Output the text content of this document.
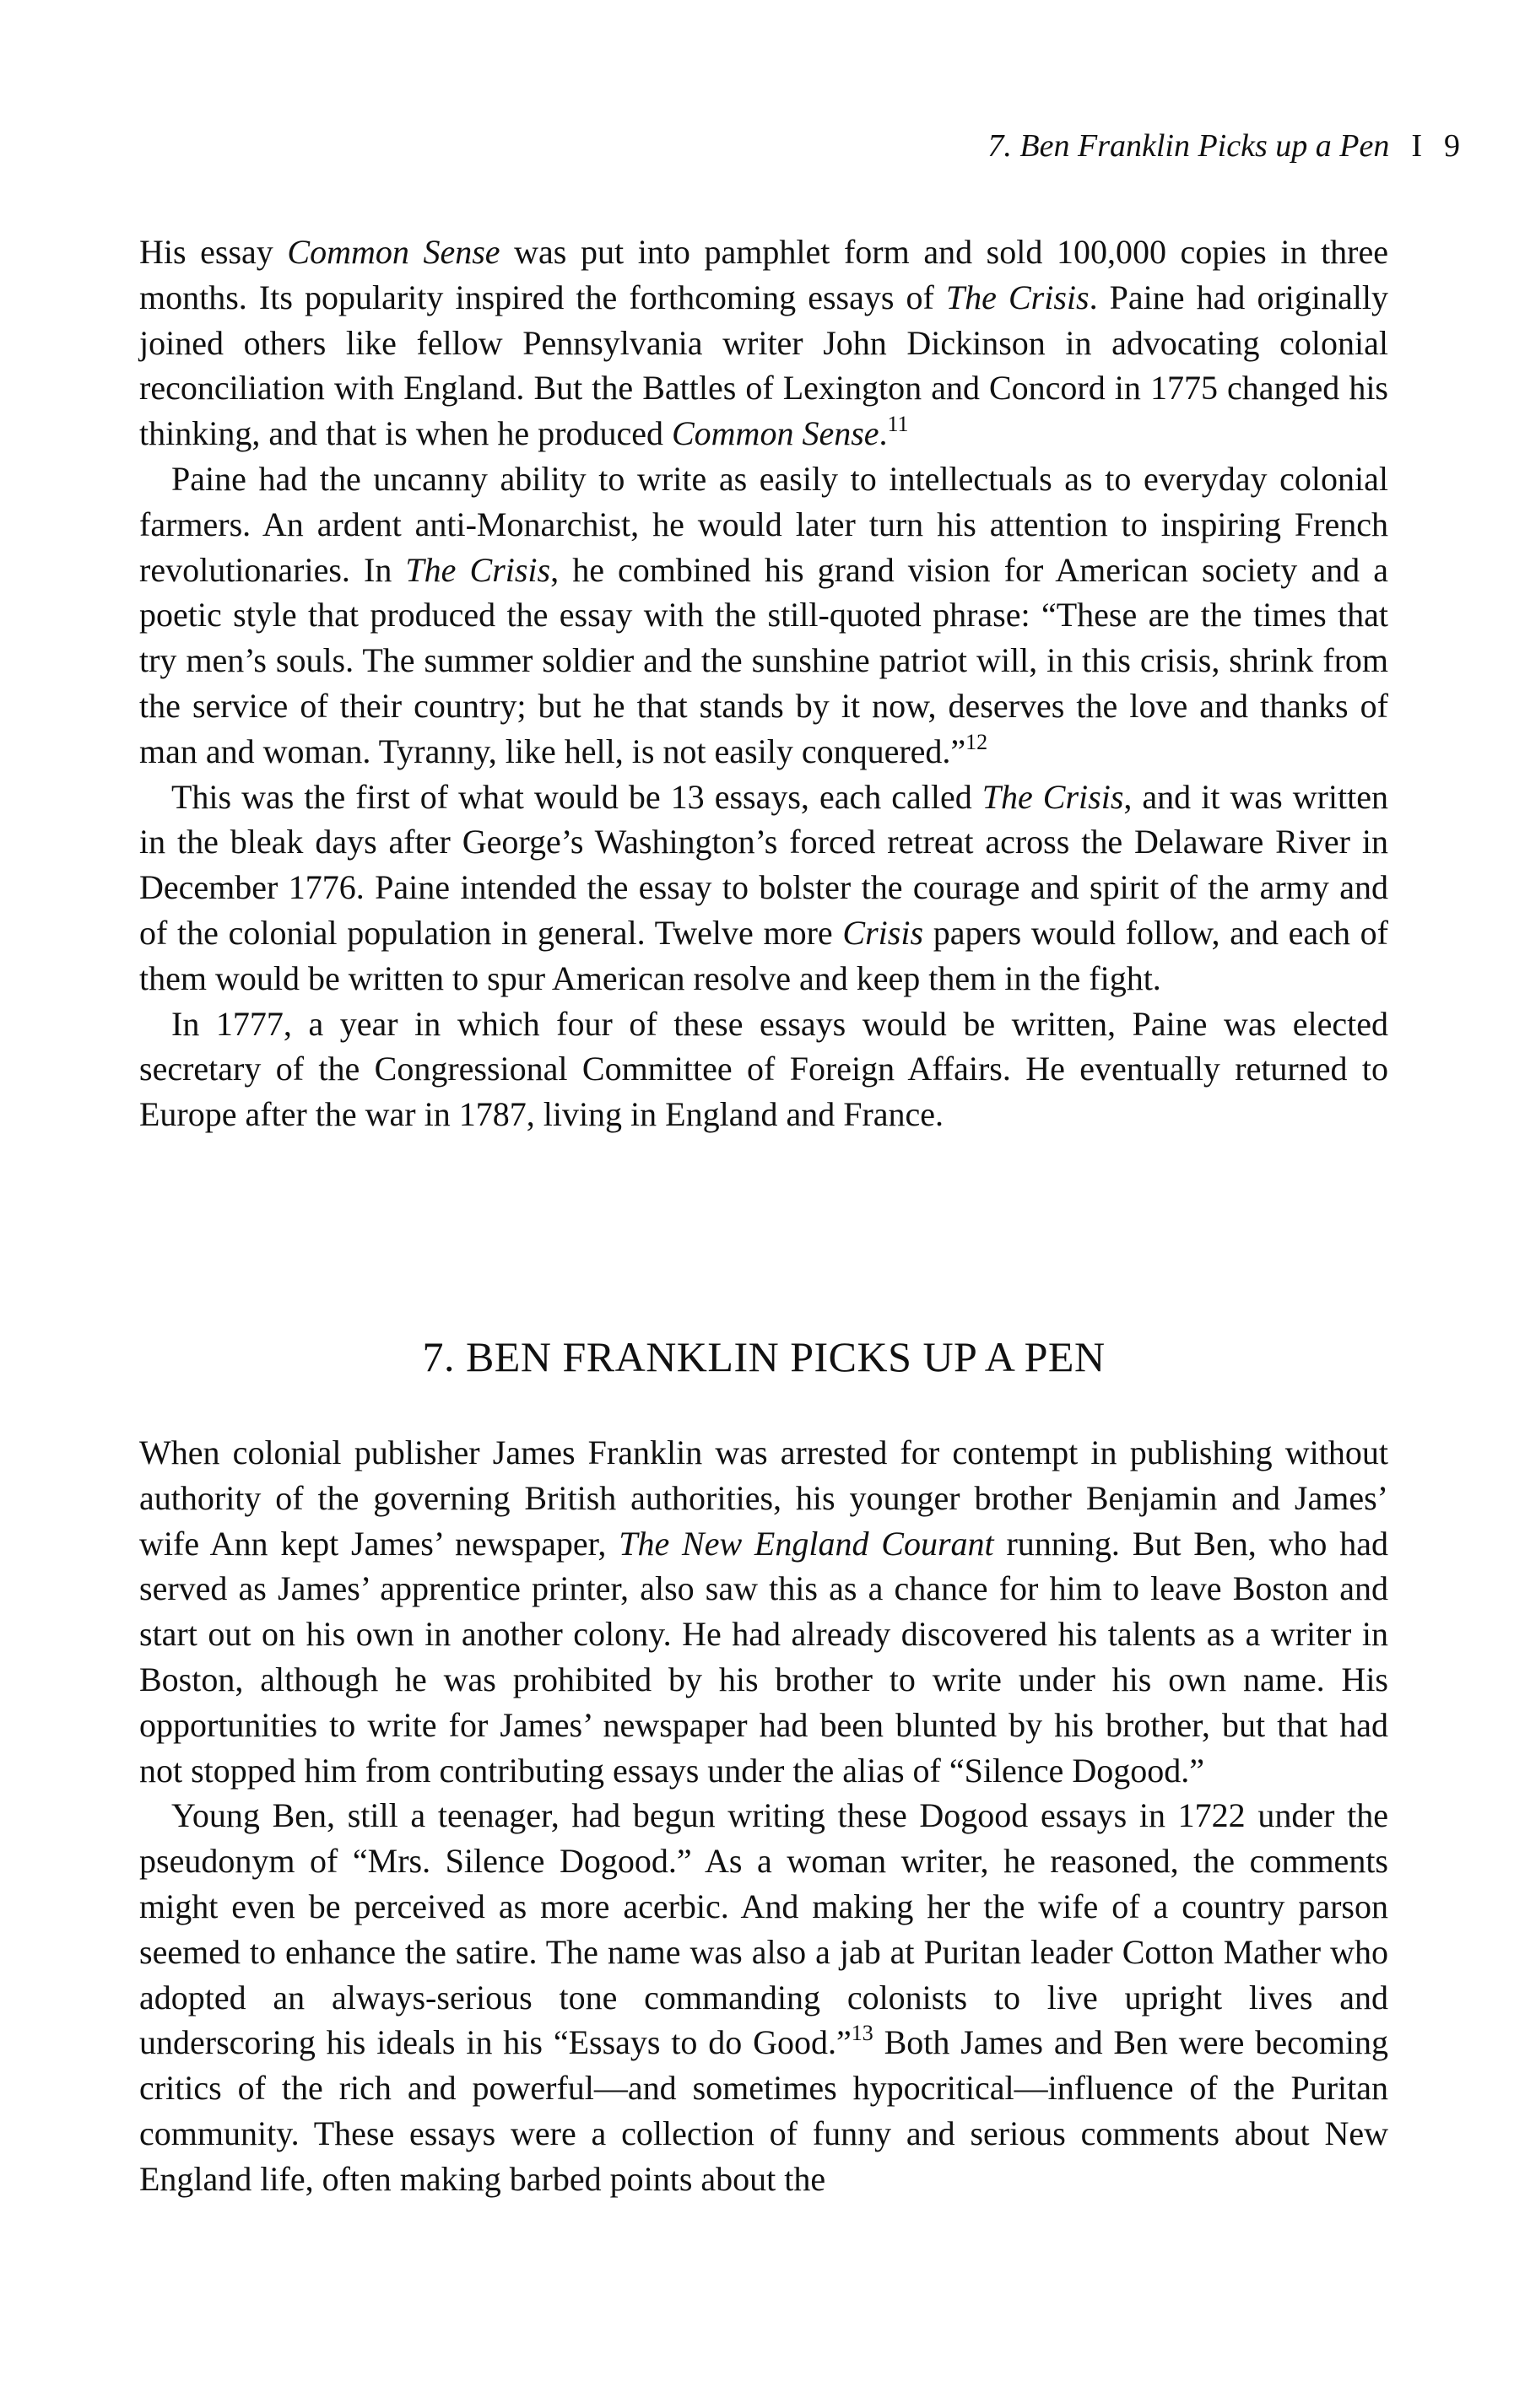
7. Ben Franklin Picks up a Pen I 9

His essay Common Sense was put into pamphlet form and sold 100,000 copies in three months. Its popularity inspired the forthcoming essays of The Crisis. Paine had originally joined others like fellow Pennsylvania writer John Dickinson in advocating colonial reconciliation with England. But the Battles of Lexington and Concord in 1775 changed his thinking, and that is when he produced Common Sense.$^{11}$

Paine had the uncanny ability to write as easily to intellectuals as to everyday colonial farmers. An ardent anti-Monarchist, he would later turn his attention to inspiring French revolutionaries. In The Crisis, he combined his grand vision for American society and a poetic style that produced the essay with the still-quoted phrase: “These are the times that try men’s souls. The summer soldier and the sunshine patriot will, in this crisis, shrink from the service of their country; but he that stands by it now, deserves the love and thanks of man and woman. Tyranny, like hell, is not easily conquered.”$^{12}$

This was the first of what would be 13 essays, each called The Crisis, and it was written in the bleak days after George’s Washington’s forced retreat across the Delaware River in December 1776. Paine intended the essay to bolster the courage and spirit of the army and of the colonial population in general. Twelve more Crisis papers would follow, and each of them would be written to spur American resolve and keep them in the fight.

In 1777, a year in which four of these essays would be written, Paine was elected secretary of the Congressional Committee of Foreign Affairs. He eventually returned to Europe after the war in 1787, living in England and France.

7. BEN FRANKLIN PICKS UP A PEN

When colonial publisher James Franklin was arrested for contempt in publishing without authority of the governing British authorities, his younger brother Benjamin and James’ wife Ann kept James’ newspaper, The New England Courant running. But Ben, who had served as James’ apprentice printer, also saw this as a chance for him to leave Boston and start out on his own in another colony. He had already discovered his talents as a writer in Boston, although he was prohibited by his brother to write under his own name. His opportunities to write for James’ newspaper had been blunted by his brother, but that had not stopped him from contributing essays under the alias of “Silence Dogood.”

Young Ben, still a teenager, had begun writing these Dogood essays in 1722 under the pseudonym of “Mrs. Silence Dogood.” As a woman writer, he reasoned, the comments might even be perceived as more acerbic. And making her the wife of a country parson seemed to enhance the satire. The name was also a jab at Puritan leader Cotton Mather who adopted an always-serious tone commanding colonists to live upright lives and underscoring his ideals in his “Essays to do Good.”$^{13}$ Both James and Ben were becoming critics of the rich and powerful—and sometimes hypocritical—influence of the Puritan community. These essays were a collection of funny and serious comments about New England life, often making barbed points about the
